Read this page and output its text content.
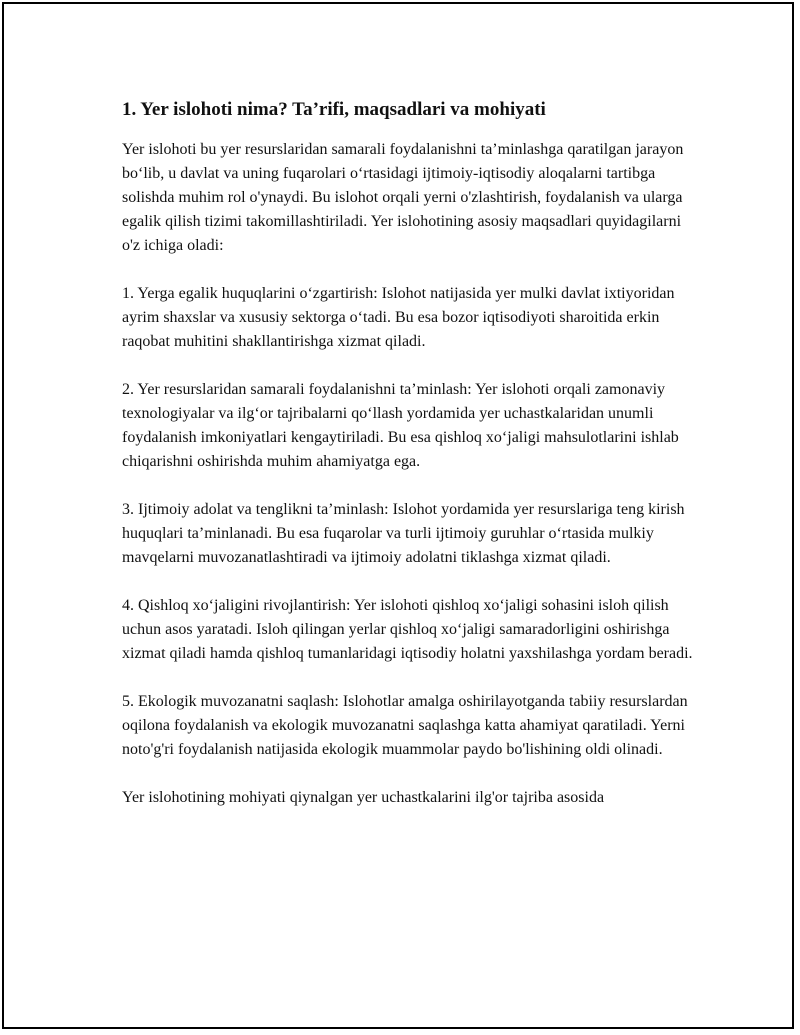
1. Yer islohoti nima? Ta’rifi, maqsadlari va mohiyati

Yer islohoti bu yer resurslaridan samarali foydalanishni ta’minlashga qaratilgan jarayon bo‘lib, u davlat va uning fuqarolari o‘rtasidagi ijtimoiy-iqtisodiy aloqalarni tartibga solishda muhim rol o'ynaydi. Bu islohot orqali yerni o'zlashtirish, foydalanish va ularga egalik qilish tizimi takomillashtiriladi. Yer islohotining asosiy maqsadlari quyidagilarni o'z ichiga oladi:

1. Yerga egalik huquqlarini o‘zgartirish: Islohot natijasida yer mulki davlat ixtiyoridan ayrim shaxslar va xususiy sektorga o‘tadi. Bu esa bozor iqtisodiyoti sharoitida erkin raqobat muhitini shakllantirishga xizmat qiladi.

2. Yer resurslaridan samarali foydalanishni ta’minlash: Yer islohoti orqali zamonaviy texnologiyalar va ilg‘or tajribalarni qo‘llash yordamida yer uchastkalaridan unumli foydalanish imkoniyatlari kengaytiriladi. Bu esa qishloq xo‘jaligi mahsulotlarini ishlab chiqarishni oshirishda muhim ahamiyatga ega.

3. Ijtimoiy adolat va tenglikni ta’minlash: Islohot yordamida yer resurslariga teng kirish huquqlari ta’minlanadi. Bu esa fuqarolar va turli ijtimoiy guruhlar o‘rtasida mulkiy mavqelarni muvozanatlashtiradi va ijtimoiy adolatni tiklashga xizmat qiladi.

4. Qishloq xo‘jaligini rivojlantirish: Yer islohoti qishloq xo‘jaligi sohasini isloh qilish uchun asos yaratadi. Isloh qilingan yerlar qishloq xo‘jaligi samaradorligini oshirishga xizmat qiladi hamda qishloq tumanlaridagi iqtisodiy holatni yaxshilashga yordam beradi.

5. Ekologik muvozanatni saqlash: Islohotlar amalga oshirilayotganda tabiiy resurslardan oqilona foydalanish va ekologik muvozanatni saqlashga katta ahamiyat qaratiladi. Yerni noto'g'ri foydalanish natijasida ekologik muammolar paydo bo'lishining oldi olinadi.

Yer islohotining mohiyati qiynalgan yer uchastkalarini ilg'or tajriba asosida
